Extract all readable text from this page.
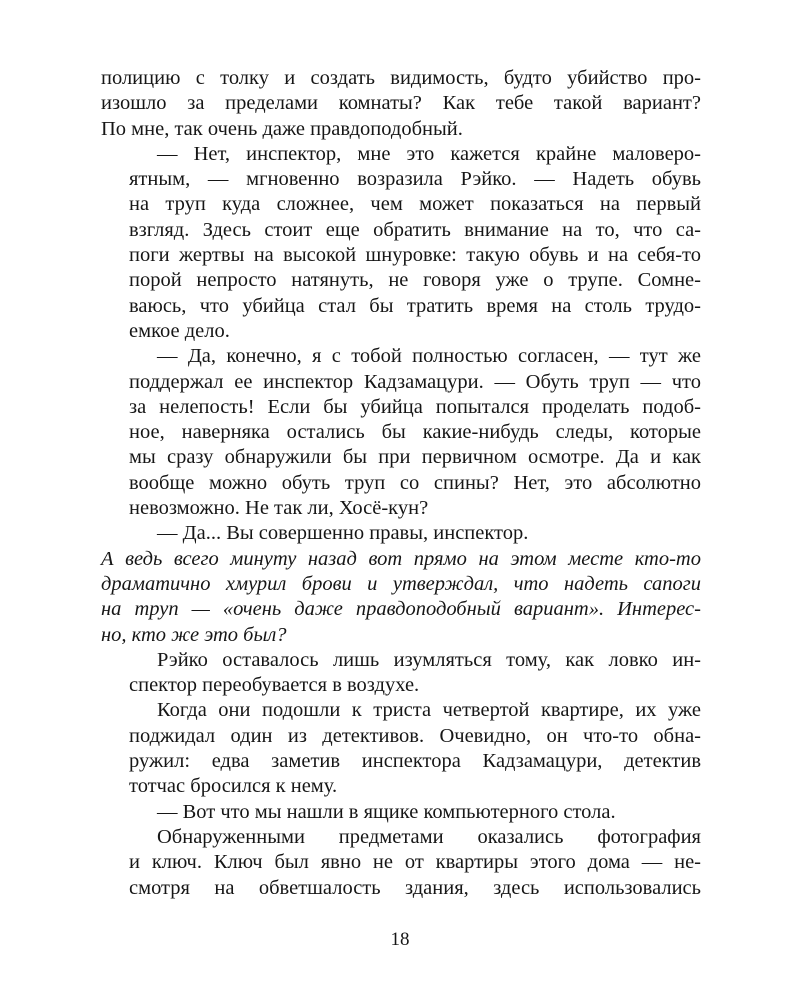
полицию с толку и создать видимость, будто убийство про-
изошло за пределами комнаты? Как тебе такой вариант?
По мне, так очень даже правдоподобный.

— Нет, инспектор, мне это кажется крайне маловеро-
ятным, — мгновенно возразила Рэйко. — Надеть обувь
на труп куда сложнее, чем может показаться на первый
взгляд. Здесь стоит еще обратить внимание на то, что са-
поги жертвы на высокой шнуровке: такую обувь и на себя-то
порой непросто натянуть, не говоря уже о трупе. Сомне-
ваюсь, что убийца стал бы тратить время на столь трудо-
емкое дело.

— Да, конечно, я с тобой полностью согласен, — тут же
поддержал ее инспектор Кадзамацури. — Обуть труп — что
за нелепость! Если бы убийца попытался проделать подоб-
ное, наверняка остались бы какие-нибудь следы, которые
мы сразу обнаружили бы при первичном осмотре. Да и как
вообще можно обуть труп со спины? Нет, это абсолютно
невозможно. Не так ли, Хосё-кун?

— Да... Вы совершенно правы, инспектор.

А ведь всего минуту назад вот прямо на этом месте кто-то
драматично хмурил брови и утверждал, что надеть сапоги
на труп — «очень даже правдоподобный вариант». Интерес-
но, кто же это был?

Рэйко оставалось лишь изумляться тому, как ловко ин-
спектор переобувается в воздухе.

Когда они подошли к триста четвертой квартире, их уже
поджидал один из детективов. Очевидно, он что-то обна-
ружил: едва заметив инспектора Кадзамацури, детектив
тотчас бросился к нему.

— Вот что мы нашли в ящике компьютерного стола.

Обнаруженными предметами оказались фотография
и ключ. Ключ был явно не от квартиры этого дома — не-
смотря на обветшалость здания, здесь использовались

18
